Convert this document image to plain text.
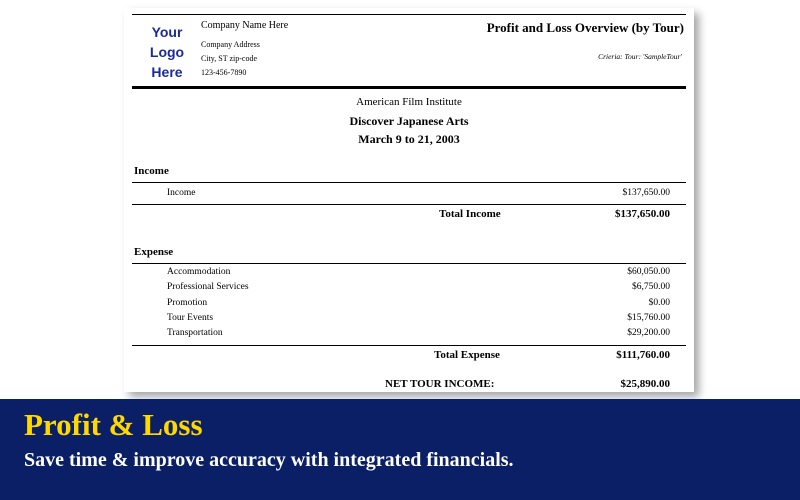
Your
Logo
Here
Company Name Here
Company Address
City, ST zip-code
123-456-7890
Profit and Loss Overview (by Tour)
Crieria: Tour: 'SampleTour'
American Film Institute
Discover Japanese Arts
March 9 to 21, 2003
Income
Income	$137,650.00
Total Income	$137,650.00
Expense
Accommodation	$60,050.00
Professional Services	$6,750.00
Promotion	$0.00
Tour Events	$15,760.00
Transportation	$29,200.00
Total Expense	$111,760.00
NET TOUR INCOME:	$25,890.00
Profit & Loss
Save time & improve accuracy with integrated financials.
